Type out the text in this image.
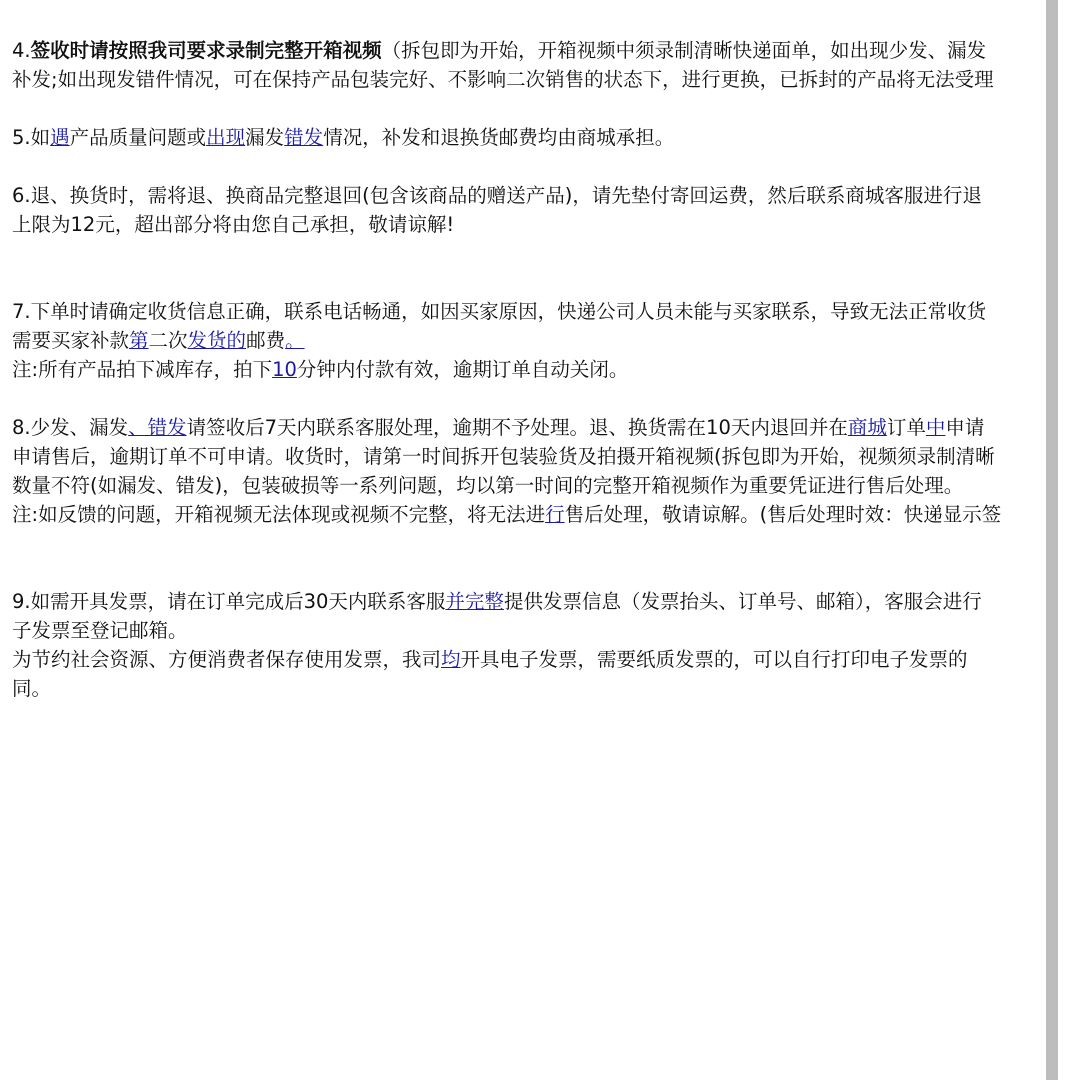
4.签收时请按照我司要求录制完整开箱视频（拆包即为开始，开箱视频中须录制清晰快递面单，如出现少发、漏发
补发;如出现发错件情况，可在保持产品包装完好、不影响二次销售的状态下，进行更换，已拆封的产品将无法受理
5.如遇产品质量问题或出现漏发错发情况，补发和退换货邮费均由商城承担。
6.退、换货时，需将退、换商品完整退回(包含该商品的赠送产品)，请先垫付寄回运费，然后联系商城客服进行退
上限为12元，超出部分将由您自己承担，敬请谅解!
7.下单时请确定收货信息正确，联系电话畅通，如因买家原因，快递公司人员未能与买家联系，导致无法正常收货
需要买家补款第二次发货的邮费。
注:所有产品拍下减库存，拍下10分钟内付款有效，逾期订单自动关闭。
8.少发、漏发、错发请签收后7天内联系客服处理，逾期不予处理。退、换货需在10天内退回并在商城订单中申请
申请售后，逾期订单不可申请。收货时，请第一时间拆开包装验货及拍摄开箱视频(拆包即为开始，视频须录制清晰
数量不符(如漏发、错发)，包装破损等一系列问题，均以第一时间的完整开箱视频作为重要凭证进行售后处理。
注:如反馈的问题，开箱视频无法体现或视频不完整，将无法进行售后处理，敬请谅解。(售后处理时效：快递显示签
9.如需开具发票，请在订单完成后30天内联系客服并完整提供发票信息（发票抬头、订单号、邮箱），客服会进行
子发票至登记邮箱。
为节约社会资源、方便消费者保存使用发票，我司均开具电子发票，需要纸质发票的，可以自行打印电子发票的
同。
